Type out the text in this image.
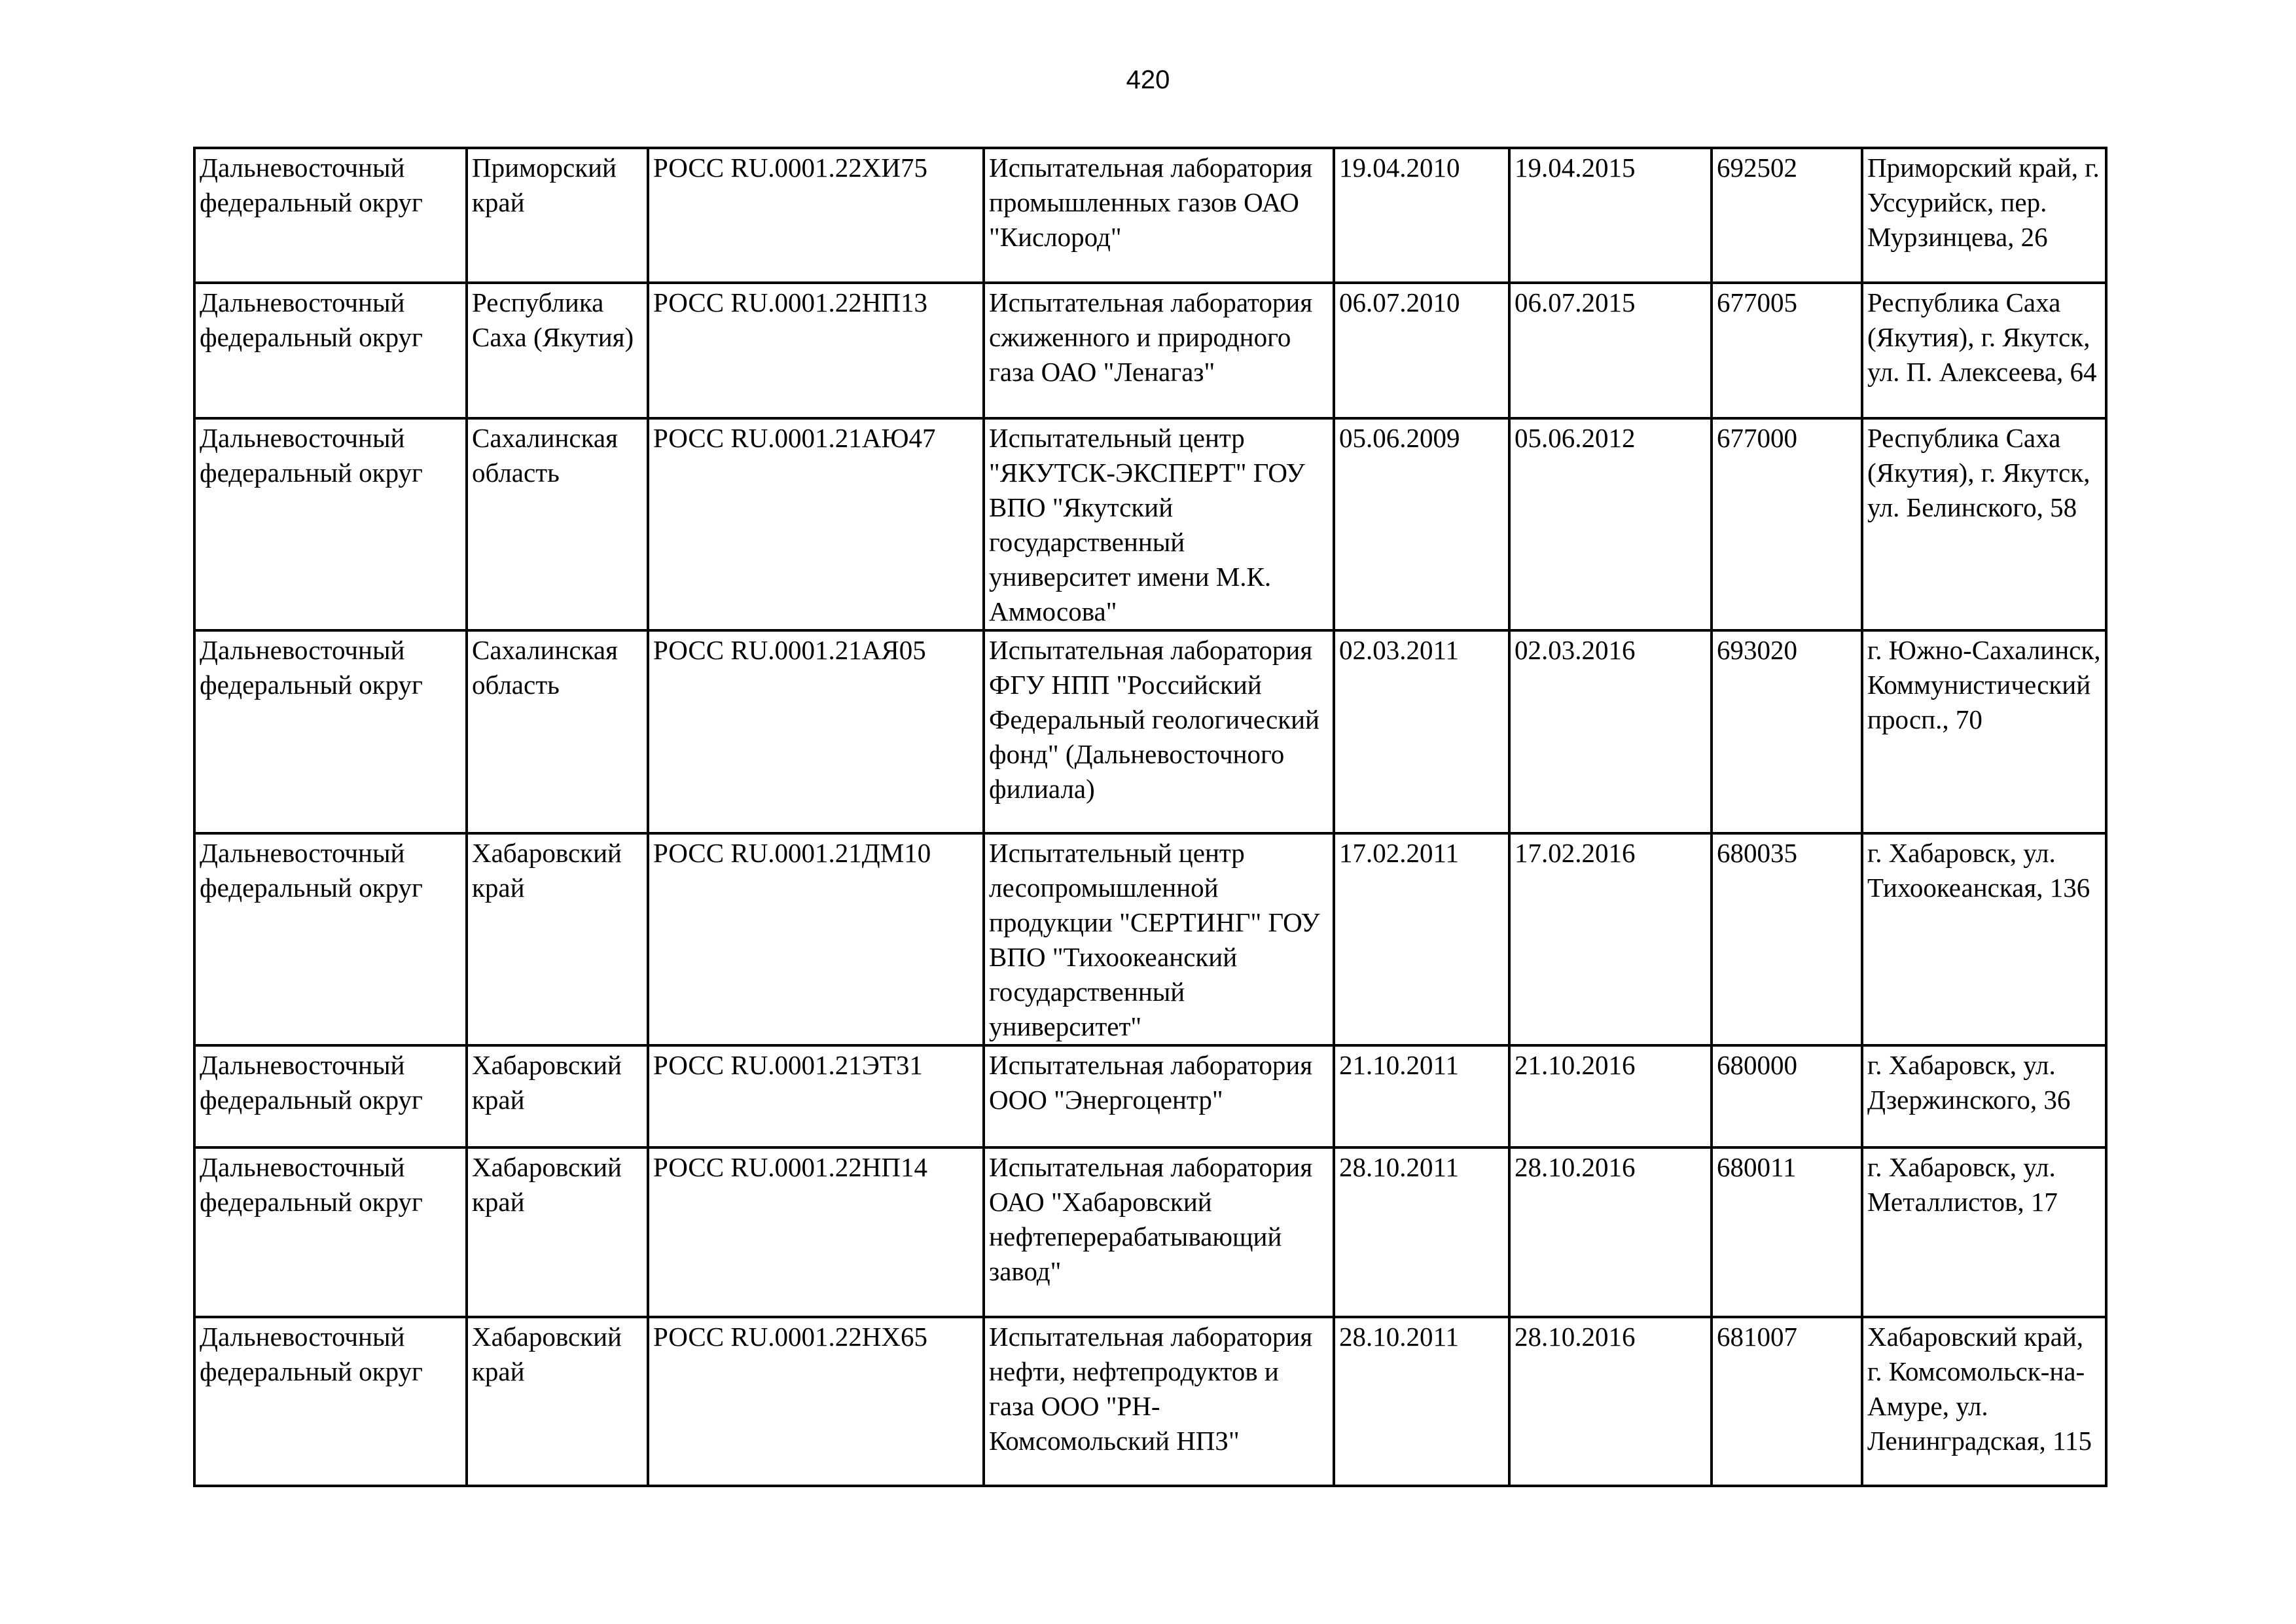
420
Дальневосточный федеральный округ	Приморский край	РОСС RU.0001.22ХИ75	Испытательная лаборатория промышленных газов ОАО "Кислород"	19.04.2010	19.04.2015	692502	Приморский край, г. Уссурийск, пер. Мурзинцева, 26

Дальневосточный федеральный округ	Республика Саха (Якутия)	РОСС RU.0001.22НП13	Испытательная лаборатория сжиженного и природного газа ОАО "Ленагаз"	06.07.2010	06.07.2015	677005	Республика Саха (Якутия), г. Якутск, ул. П. Алексеева, 64

Дальневосточный федеральный округ	Сахалинская область	РОСС RU.0001.21АЮ47	Испытательный центр "ЯКУТСК-ЭКСПЕРТ" ГОУ ВПО "Якутский государственный университет имени М.К. Аммосова"	05.06.2009	05.06.2012	677000	Республика Саха (Якутия), г. Якутск, ул. Белинского, 58

Дальневосточный федеральный округ	Сахалинская область	РОСС RU.0001.21АЯ05	Испытательная лаборатория ФГУ НПП "Российский Федеральный геологический фонд" (Дальневосточного филиала)	02.03.2011	02.03.2016	693020	г. Южно-Сахалинск, Коммунистический просп., 70

Дальневосточный федеральный округ	Хабаровский край	РОСС RU.0001.21ДМ10	Испытательный центр лесопромышленной продукции "СЕРТИНГ" ГОУ ВПО "Тихоокеанский государственный университет"	17.02.2011	17.02.2016	680035	г. Хабаровск, ул. Тихоокеанская, 136

Дальневосточный федеральный округ	Хабаровский край	РОСС RU.0001.21ЭТ31	Испытательная лаборатория ООО "Энергоцентр"	21.10.2011	21.10.2016	680000	г. Хабаровск, ул. Дзержинского, 36

Дальневосточный федеральный округ	Хабаровский край	РОСС RU.0001.22НП14	Испытательная лаборатория ОАО "Хабаровский нефтеперерабатывающий завод"	28.10.2011	28.10.2016	680011	г. Хабаровск, ул. Металлистов, 17

Дальневосточный федеральный округ	Хабаровский край	РОСС RU.0001.22НХ65	Испытательная лаборатория нефти, нефтепродуктов и газа ООО "РН-Комсомольский НПЗ"	28.10.2011	28.10.2016	681007	Хабаровский край, г. Комсомольск-на-Амуре, ул. Ленинградская, 115
